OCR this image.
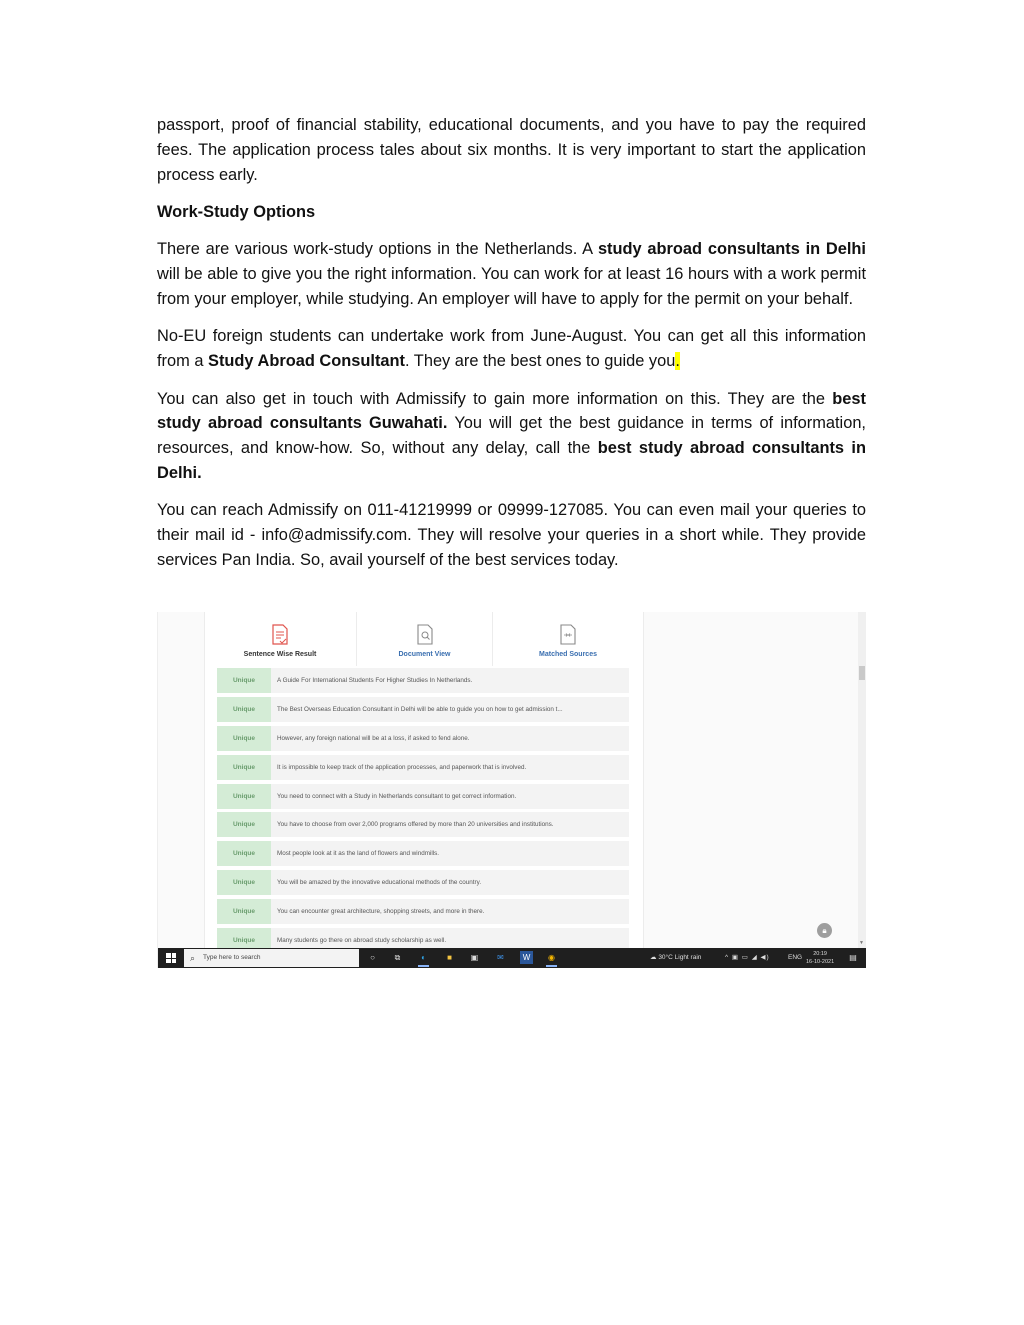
passport, proof of financial stability, educational documents, and you have to pay the required fees. The application process tales about six months. It is very important to start the application process early.

Work-Study Options

There are various work-study options in the Netherlands. A study abroad consultants in Delhi will be able to give you the right information. You can work for at least 16 hours with a work permit from your employer, while studying. An employer will have to apply for the permit on your behalf.

No-EU foreign students can undertake work from June-August. You can get all this information from a Study Abroad Consultant. They are the best ones to guide you.

You can also get in touch with Admissify to gain more information on this. They are the best study abroad consultants Guwahati. You will get the best guidance in terms of information, resources, and know-how. So, without any delay, call the best study abroad consultants in Delhi.

You can reach Admissify on 011-41219999 or 09999-127085. You can even mail your queries to their mail id - info@admissify.com. They will resolve your queries in a short while. They provide services Pan India. So, avail yourself of the best services today.

Sentence Wise Result	Document View	Matched Sources
Unique	A Guide For International Students For Higher Studies In Netherlands.
Unique	The Best Overseas Education Consultant in Delhi will be able to guide you on how to get admission t...
Unique	However, any foreign national will be at a loss, if asked to fend alone.
Unique	It is impossible to keep track of the application processes, and paperwork that is involved.
Unique	You need to connect with a Study in Netherlands consultant to get correct information.
Unique	You have to choose from over 2,000 programs offered by more than 20 universities and institutions.
Unique	Most people look at it as the land of flowers and windmills.
Unique	You will be amazed by the innovative educational methods of the country.
Unique	You can encounter great architecture, shopping streets, and more in there.
Unique	Many students go there on abroad study scholarship as well.	▼
🔒︎
⌕ Type here to search	○	⧉	◐	■	▣	✉	W	◉	☁ 30°C Light rain	^ ▣ ▭ ◢ ◀)	ENG	20:19
16-10-2021 ▤
